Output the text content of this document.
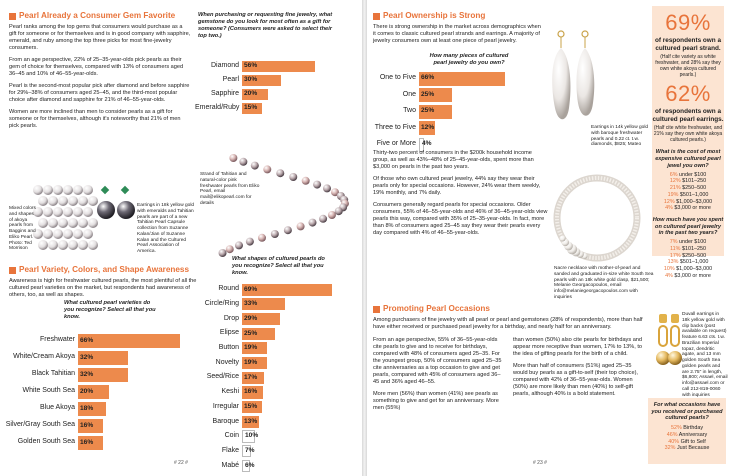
Pearl Already a Consumer Gem Favorite
Pearl ranks among the top gems that consumers would purchase as a gift for someone or for themselves and is in good company with sapphire, emerald, and ruby among the top three picks for most fine-jewelry consumers.
From an age perspective, 22% of 25–35-year-olds pick pearls as their gem of choice for themselves, compared with 13% of consumers aged 36–45 and 10% of 46–55-year-olds.
Pearl is the second-most popular pick after diamond and before sapphire for 29%–38% of consumers aged 25–45, and the third-most popular choice after diamond and sapphire for 21% of 46–55-year-olds.
Women are more inclined than men to consider pearls as a gift for someone or for themselves, although it's noteworthy that 21% of men pick pearls.
When purchasing or requesting fine jewelry, what gemstone do you look for most often as a gift for someone? (Consumers were asked to select their top two.)
Diamond 56%
Pearl 30%
Sapphire 20%
Emerald/Ruby 15%
Strand of Tahitian and natural-color pink freshwater pearls from Eliko Pearl, email mail@elikopearl.com for details
Mixed colors and shapes of akoya pearls from Baggins and Eliko Pearl. Photo: Ted Morrison
Earrings in 18k yellow gold with emeralds and Tahitian pearls are part of a new Tahitian Pearl Capsule collection from Suzanne Kalan/Jian of Suzanne Kalan and the Cultured Pearl Association of America.
Pearl Variety, Colors, and Shape Awareness
Awareness is high for freshwater cultured pearls, the most plentiful of all the cultured pearl varieties on the market, but respondents had awareness of others, too, as well as shapes.
What cultured pearl varieties do you recognize? Select all that you know.
Freshwater 66%
White/Cream Akoya 32%
Black Tahitian 32%
White South Sea 20%
Blue Akoya 18%
Silver/Gray South Sea 16%
Golden South Sea 16%
What shapes of cultured pearls do you recognize? Select all that you know.
Round 69%
Circle/Ring 33%
Drop 29%
Elipse 25%
Button 19%
Novelty 19%
Seed/Rice 17%
Keshi 16%
Irregular 15%
Baroque 13%
Coin 10%
Flake 7%
Mabé 6%
# 22 #
Pearl Ownership is Strong
There is strong ownership in the market across demographics when it comes to classic cultured pearl strands and earrings. A majority of jewelry consumers own at least one piece of pearl jewelry.
How many pieces of cultured pearl jewelry do you own?
One to Five 66%
One 25%
Two 25%
Three to Five 12%
Five or More 4%
Earrings in 14k yellow gold with baroque freshwater pearls and 0.22 ct. t.w. diamonds, $825; Mateo
Thirty-two percent of consumers in the $200k household income group, as well as 43%–48% of 25–45-year-olds, spent more than $3,000 on pearls in the past two years.
Of those who own cultured pearl jewelry, 44% say they wear their pearls only for special occasions. However, 24% wear them weekly, 19% monthly, and 7% daily.
Consumers generally regard pearls for special occasions. Older consumers, 55% of 46–55-year-olds and 46% of 36–45-year-olds view pearls this way, compared with 35% of 25–35-year-olds. In fact, more than 8% of consumers aged 25–45 say they wear their pearls every day compared with 4% of 46–55-year-olds.
Nacre necklace with mother-of-pearl and sanded and graduated in-size white South Sea pearls with an 18k white gold clasp, $21,500; Melanie Georgacopoulos, email info@melaniegeorgacopoulos.com with inquiries
69%
of respondents own a cultured pearl strand.
(Half cite variety as white freshwater, and 28% say they own white akoya cultured pearls.)
62%
of respondents own a cultured pearl earrings.
(Half cite white freshwater, and 21% say they own white akoya cultured pearls.)
What is the cost of most expensive cultured pearl jewel you own?
6% under $100
12% $101–250
21% $250–500
19% $501–1,000
12% $1,000–$3,000
4% $3,000 or more
How much have you spent on cultured pearl jewelry in the past two years?
7% under $100
11% $101–250
17% $250–500
13% $501–1,000
10% $1,000–$3,000
4% $3,000 or more
Promoting Pearl Occasions
Among purchasers of fine jewelry with all pearl or pearl and gemstones (28% of respondents), more than half have either received or purchased pearl jewelry for a birthday, and nearly half for an anniversary.
From an age perspective, 55% of 36–55-year-olds cite pearls to give and to receive for birthdays, compared with 48% of consumers aged 25–35. For the youngest group, 50% of consumers aged 25–35 cite anniversaries as a top occasion to give and get pearls, compared with 45% of consumers aged 36–45 and 36% aged 46–55.
More men (56%) than women (41%) see pearls as something to give and get for an anniversary. More men (55%)
than women (50%) also cite pearls for birthdays and appear more receptive than women, 17% to 13%, to the idea of gifting pearls for the birth of a child.
More than half of consumers (51%) aged 25–35 would buy pearls as a gift-to-self (their top choice), compared with 42% of 36–55-year-olds. Women (50%) are more likely than men (40%) to self-gift pearls, although 40% is a bold statement.
Duvall earrings in 18k yellow gold with clip backs (post available on request) feature 6.63 cts. t.w. Brazilian Imperial topaz, dendritic agate, and 13 mm golden South Sea golden pearls and are 2.75" in length, $6,800; Assael, email info@assael.com or call 212-819-0060 with inquiries
For what occasions have you received or purchased cultured pearls?
52% Birthday
46% Anniversary
40% Gift to Self
32% Just Because
# 23 #
